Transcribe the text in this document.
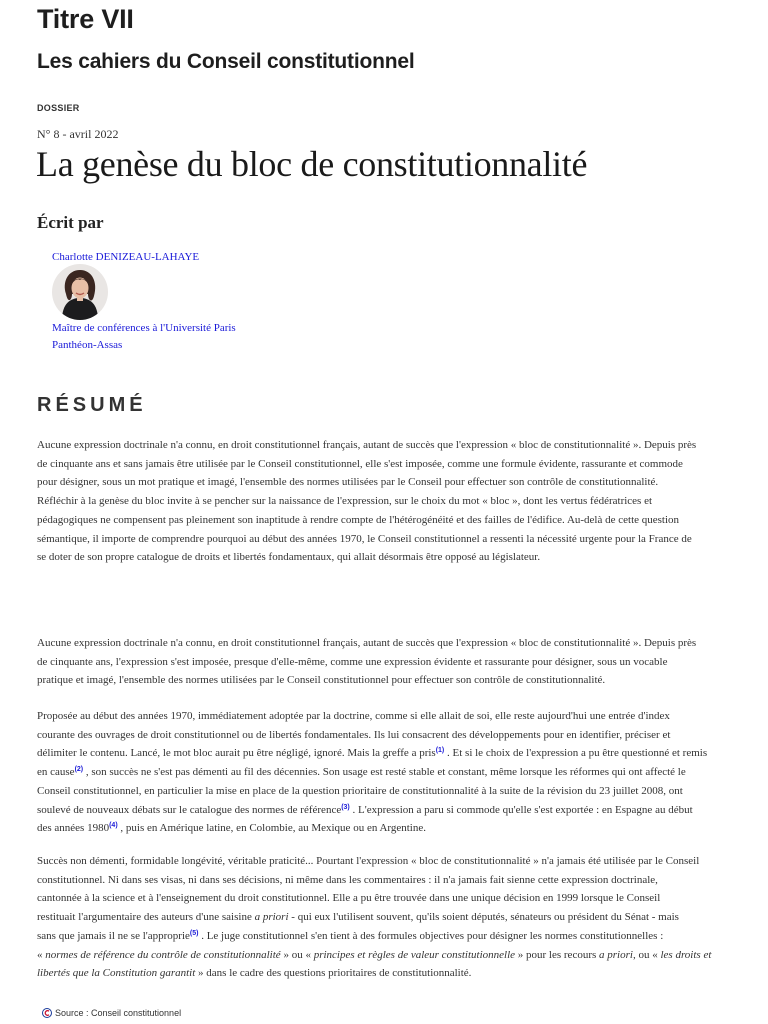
Titre VII
Les cahiers du Conseil constitutionnel
DOSSIER
N° 8 - avril 2022
La genèse du bloc de constitutionnalité
Écrit par
Charlotte DENIZEAU-LAHAYE
Maître de conférences à l'Université Paris
Panthéon-Assas
RÉSUMÉ
Aucune expression doctrinale n'a connu, en droit constitutionnel français, autant de succès que l'expression « bloc de constitutionnalité ». Depuis près
de cinquante ans et sans jamais être utilisée par le Conseil constitutionnel, elle s'est imposée, comme une formule évidente, rassurante et commode
pour désigner, sous un mot pratique et imagé, l'ensemble des normes utilisées par le Conseil pour effectuer son contrôle de constitutionnalité.
Réfléchir à la genèse du bloc invite à se pencher sur la naissance de l'expression, sur le choix du mot « bloc », dont les vertus fédératrices et
pédagogiques ne compensent pas pleinement son inaptitude à rendre compte de l'hétérogénéité et des failles de l'édifice. Au-delà de cette question
sémantique, il importe de comprendre pourquoi au début des années 1970, le Conseil constitutionnel a ressenti la nécessité urgente pour la France de
se doter de son propre catalogue de droits et libertés fondamentaux, qui allait désormais être opposé au législateur.
Aucune expression doctrinale n'a connu, en droit constitutionnel français, autant de succès que l'expression « bloc de constitutionnalité ». Depuis près
de cinquante ans, l'expression s'est imposée, presque d'elle-même, comme une expression évidente et rassurante pour désigner, sous un vocable
pratique et imagé, l'ensemble des normes utilisées par le Conseil constitutionnel pour effectuer son contrôle de constitutionnalité.
Proposée au début des années 1970, immédiatement adoptée par la doctrine, comme si elle allait de soi, elle reste aujourd'hui une entrée d'index
courante des ouvrages de droit constitutionnel ou de libertés fondamentales. Ils lui consacrent des développements pour en identifier, préciser et
délimiter le contenu. Lancé, le mot bloc aurait pu être négligé, ignoré. Mais la greffe a pris$^{(1)}$ . Et si le choix de l'expression a pu être questionné et remis
en cause$^{(2)}$ , son succès ne s'est pas démenti au fil des décennies. Son usage est resté stable et constant, même lorsque les réformes qui ont affecté le
Conseil constitutionnel, en particulier la mise en place de la question prioritaire de constitutionnalité à la suite de la révision du 23 juillet 2008, ont
soulevé de nouveaux débats sur le catalogue des normes de référence$^{(3)}$ . L'expression a paru si commode qu'elle s'est exportée : en Espagne au début
des années 1980$^{(4)}$ , puis en Amérique latine, en Colombie, au Mexique ou en Argentine.
Succès non démenti, formidable longévité, véritable praticité... Pourtant l'expression « bloc de constitutionnalité » n'a jamais été utilisée par le Conseil
constitutionnel. Ni dans ses visas, ni dans ses décisions, ni même dans les commentaires : il n'a jamais fait sienne cette expression doctrinale,
cantonnée à la science et à l'enseignement du droit constitutionnel. Elle a pu être trouvée dans une unique décision en 1999 lorsque le Conseil
restituait l'argumentaire des auteurs d'une saisine a priori - qui eux l'utilisent souvent, qu'ils soient députés, sénateurs ou président du Sénat - mais
sans que jamais il ne se l'approprie$^{(5)}$ . Le juge constitutionnel s'en tient à des formules objectives pour désigner les normes constitutionnelles :
« normes de référence du contrôle de constitutionnalité » ou « principes et règles de valeur constitutionnelle » pour les recours a priori, ou « les droits et
libertés que la Constitution garantit » dans le cadre des questions prioritaires de constitutionnalité.
Source : Conseil constitutionnel
